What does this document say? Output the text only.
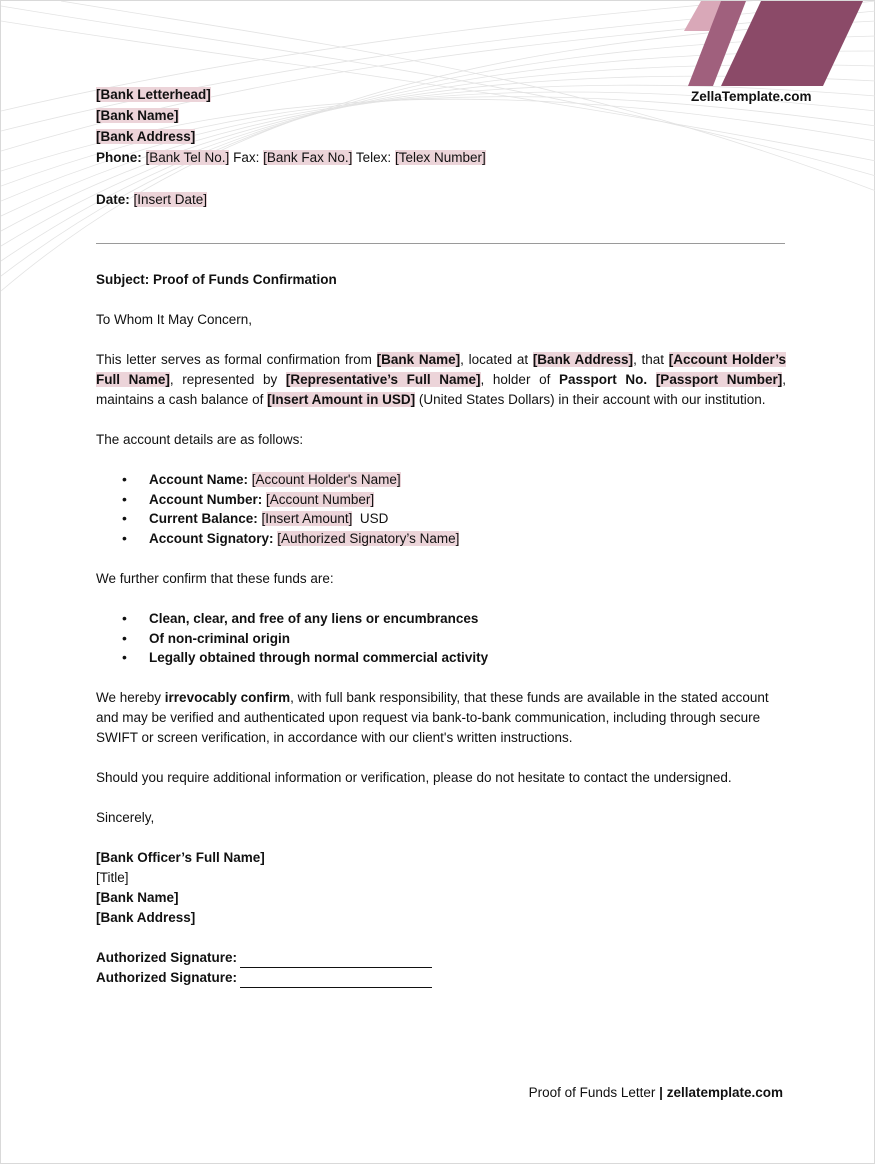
ZellaTemplate.com
[Bank Letterhead]
[Bank Name]
[Bank Address]
Phone: [Bank Tel No.] Fax: [Bank Fax No.] Telex: [Telex Number]
Date: [Insert Date]

Subject: Proof of Funds Confirmation

To Whom It May Concern,

This letter serves as formal confirmation from [Bank Name], located at [Bank Address], that [Account Holder’s Full Name], represented by [Representative’s Full Name], holder of Passport No. [Passport Number], maintains a cash balance of [Insert Amount in USD] (United States Dollars) in their account with our institution.

The account details are as follows:

• Account Name: [Account Holder's Name]
• Account Number: [Account Number]
• Current Balance: [Insert Amount]  USD
• Account Signatory: [Authorized Signatory’s Name]

We further confirm that these funds are:

• Clean, clear, and free of any liens or encumbrances
• Of non-criminal origin
• Legally obtained through normal commercial activity

We hereby irrevocably confirm, with full bank responsibility, that these funds are available in the stated account and may be verified and authenticated upon request via bank-to-bank communication, including through secure SWIFT or screen verification, in accordance with our client's written instructions.

Should you require additional information or verification, please do not hesitate to contact the undersigned.

Sincerely,

[Bank Officer’s Full Name]
[Title]
[Bank Name]
[Bank Address]
Authorized Signature:
Authorized Signature:
Proof of Funds Letter | zellatemplate.com
